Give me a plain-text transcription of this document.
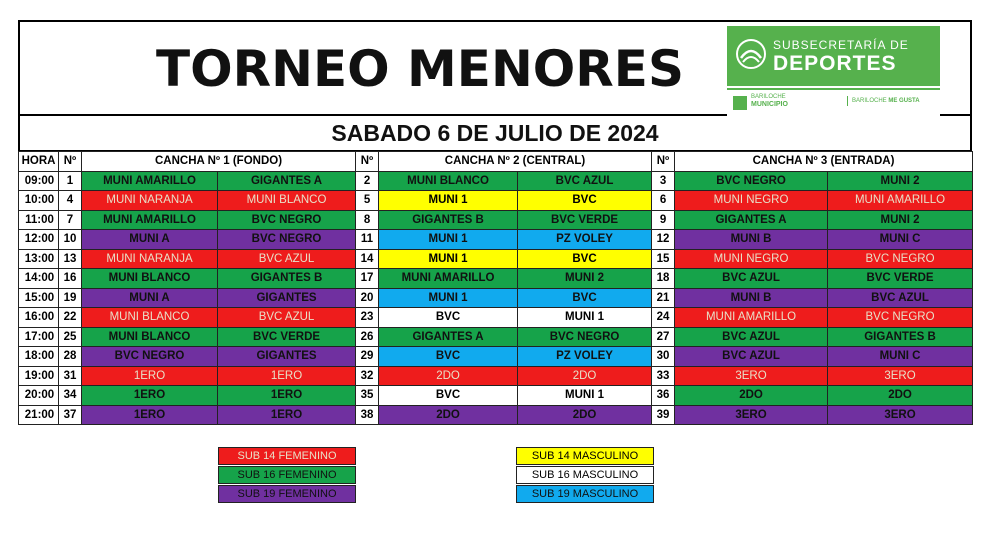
TORNEO MENORES	SUBSECRETARÍA DE
DEPORTES
BARILOCHE
MUNICIPIO	BARILOCHE ME GUSTA
SABADO 6 DE JULIO DE 2024
HORA	Nº	CANCHA Nº 1 (FONDO)		Nº	CANCHA Nº 2 (CENTRAL)		Nº	CANCHA Nº 3 (ENTRADA)	
09:00	1	MUNI AMARILLO	GIGANTES A	2	MUNI BLANCO	BVC AZUL	3	BVC NEGRO	MUNI 2
10:00	4	MUNI NARANJA	MUNI BLANCO	5	MUNI 1	BVC	6	MUNI NEGRO	MUNI AMARILLO
11:00	7	MUNI AMARILLO	BVC NEGRO	8	GIGANTES B	BVC VERDE	9	GIGANTES A	MUNI 2
12:00	10	MUNI A	BVC NEGRO	11	MUNI 1	PZ VOLEY	12	MUNI B	MUNI C
13:00	13	MUNI NARANJA	BVC AZUL	14	MUNI 1	BVC	15	MUNI NEGRO	BVC NEGRO
14:00	16	MUNI BLANCO	GIGANTES B	17	MUNI AMARILLO	MUNI 2	18	BVC AZUL	BVC VERDE
15:00	19	MUNI A	GIGANTES	20	MUNI 1	BVC	21	MUNI B	BVC AZUL
16:00	22	MUNI BLANCO	BVC AZUL	23	BVC	MUNI 1	24	MUNI AMARILLO	BVC NEGRO
17:00	25	MUNI BLANCO	BVC VERDE	26	GIGANTES A	BVC NEGRO	27	BVC AZUL	GIGANTES B
18:00	28	BVC NEGRO	GIGANTES	29	BVC	PZ VOLEY	30	BVC AZUL	MUNI C
19:00	31	1ERO	1ERO	32	2DO	2DO	33	3ERO	3ERO
20:00	34	1ERO	1ERO	35	BVC	MUNI 1	36	2DO	2DO
21:00	37	1ERO	1ERO	38	2DO	2DO	39	3ERO	3ERO
SUB 14 FEMENINO
SUB 16 FEMENINO
SUB 19 FEMENINO
SUB 14 MASCULINO
SUB 16 MASCULINO
SUB 19 MASCULINO
